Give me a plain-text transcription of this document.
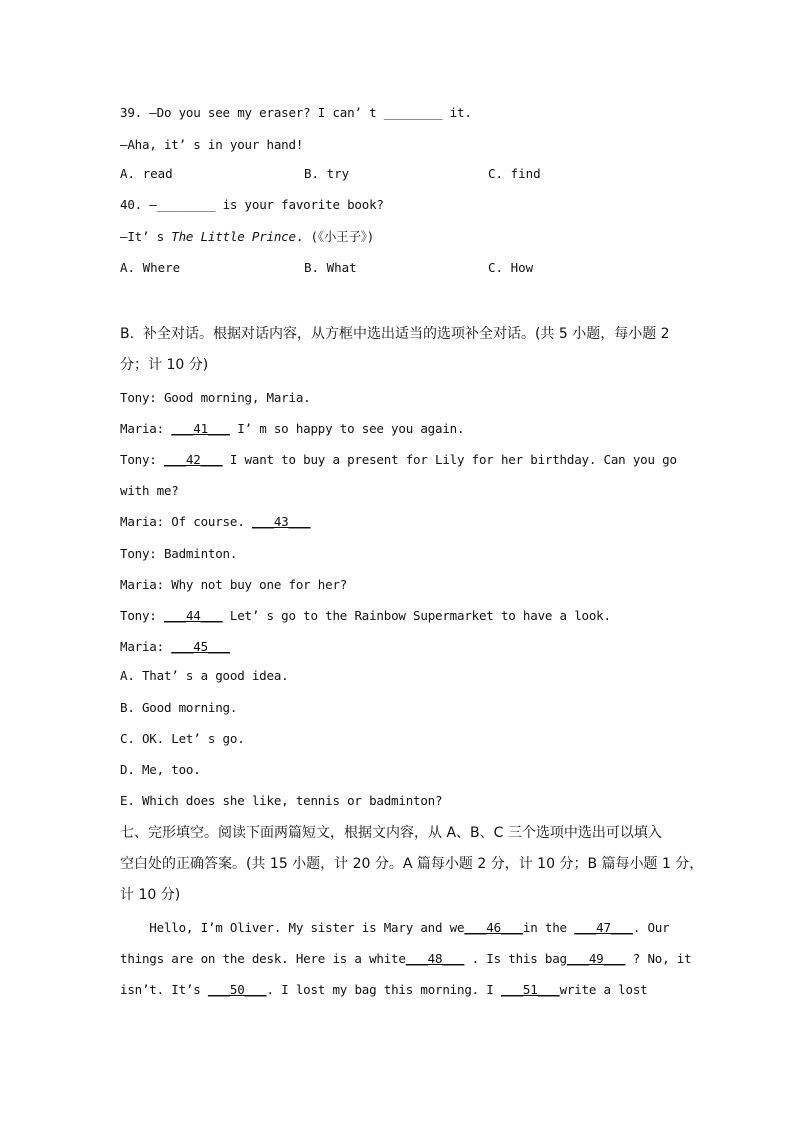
39. —Do you see my eraser? I can’ t ________ it.
—Aha, it’ s in your hand!
A. read	B. try	C. find
40. —________ is your favorite book?
—It’ s The Little Prince. (《小王子》)
A. Where	B. What	C. How
B.  补全对话。根据对话内容，从方框中选出适当的选项补全对话。(共 5 小题，每小题 2
分；计 10 分)
Tony: Good morning, Maria.
Maria: ___41___ I’ m so happy to see you again.
Tony: ___42___ I want to buy a present for Lily for her birthday. Can you go
with me?
Maria: Of course. ___43___
Tony: Badminton.
Maria: Why not buy one for her?
Tony: ___44___ Let’ s go to the Rainbow Supermarket to have a look.
Maria: ___45___
A. That’ s a good idea.
B. Good morning.
C. OK. Let’ s go.
D. Me, too.
E. Which does she like, tennis or badminton?
七、完形填空。阅读下面两篇短文，根据文内容，从 A、B、C 三个选项中选出可以填入
空白处的正确答案。(共 15 小题，计 20 分。A 篇每小题 2 分，计 10 分；B 篇每小题 1 分，
计 10 分)
Hello, I’m Oliver. My sister is Mary and we___46___in the ___47___. Our
things are on the desk. Here is a white___48___ . Is this bag___49___ ? No, it
isn’t. It’s ___50___. I lost my bag this morning. I ___51___write a lost
